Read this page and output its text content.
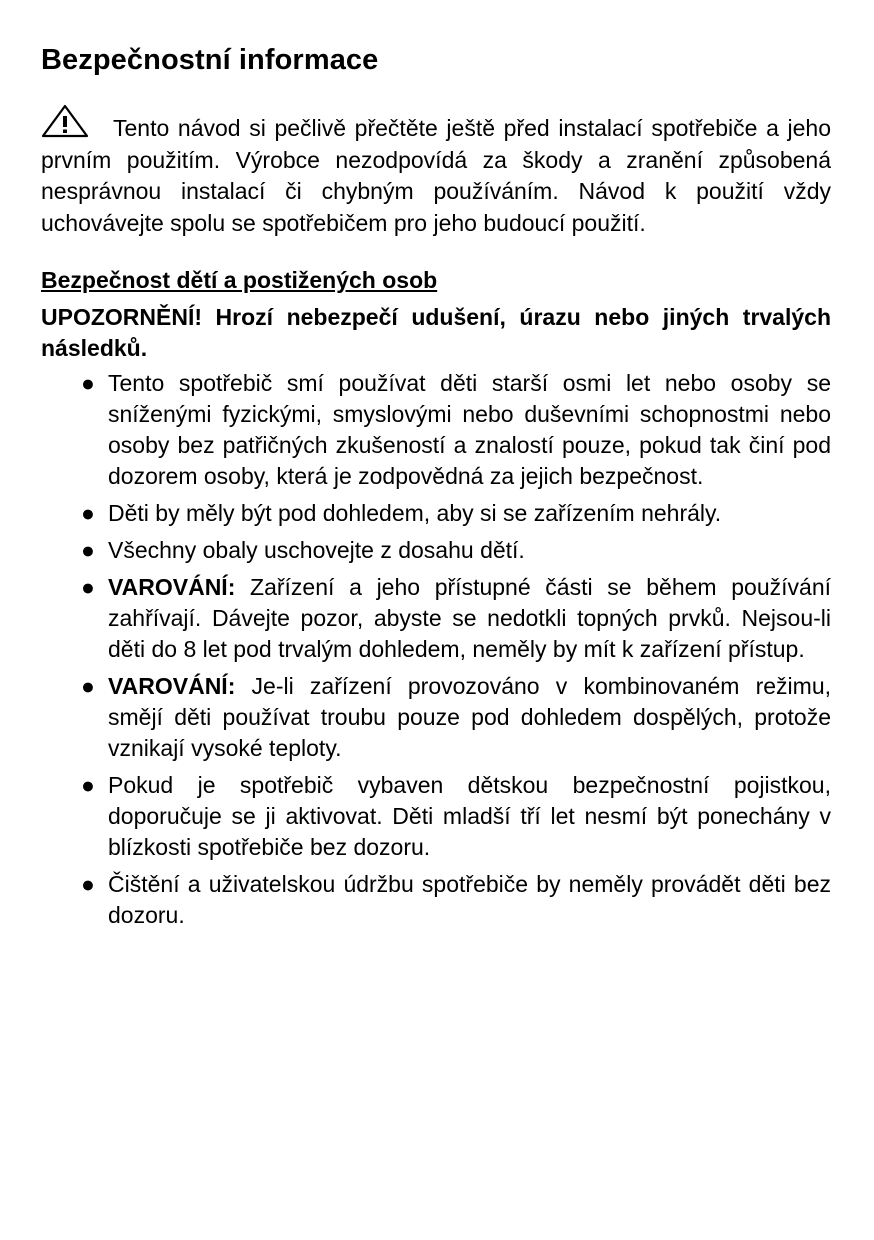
Bezpečnostní informace

Tento návod si pečlivě přečtěte ještě před instalací spotřebiče a jeho prvním použitím. Výrobce nezodpovídá za škody a zranění způsobená nesprávnou instalací či chybným používáním. Návod k použití vždy uchovávejte spolu se spotřebičem pro jeho budoucí použití.

Bezpečnost dětí a postižených osob

UPOZORNĚNÍ! Hrozí nebezpečí udušení, úrazu nebo jiných trvalých následků.

● Tento spotřebič smí používat děti starší osmi let nebo osoby se sníženými fyzickými, smyslovými nebo duševními schopnostmi nebo osoby bez patřičných zkušeností a znalostí pouze, pokud tak činí pod dozorem osoby, která je zodpovědná za jejich bezpečnost.
● Děti by měly být pod dohledem, aby si se zařízením nehrály.
● Všechny obaly uschovejte z dosahu dětí.
● VAROVÁNÍ: Zařízení a jeho přístupné části se během používání zahřívají. Dávejte pozor, abyste se nedotkli topných prvků. Nejsou-li děti do 8 let pod trvalým dohledem, neměly by mít k zařízení přístup.
● VAROVÁNÍ: Je-li zařízení provozováno v kombinovaném režimu, smějí děti používat troubu pouze pod dohledem dospělých, protože vznikají vysoké teploty.
● Pokud je spotřebič vybaven dětskou bezpečnostní pojistkou, doporučuje se ji aktivovat. Děti mladší tří let nesmí být ponechány v blízkosti spotřebiče bez dozoru.
● Čištění a uživatelskou údržbu spotřebiče by neměly provádět děti bez dozoru.
